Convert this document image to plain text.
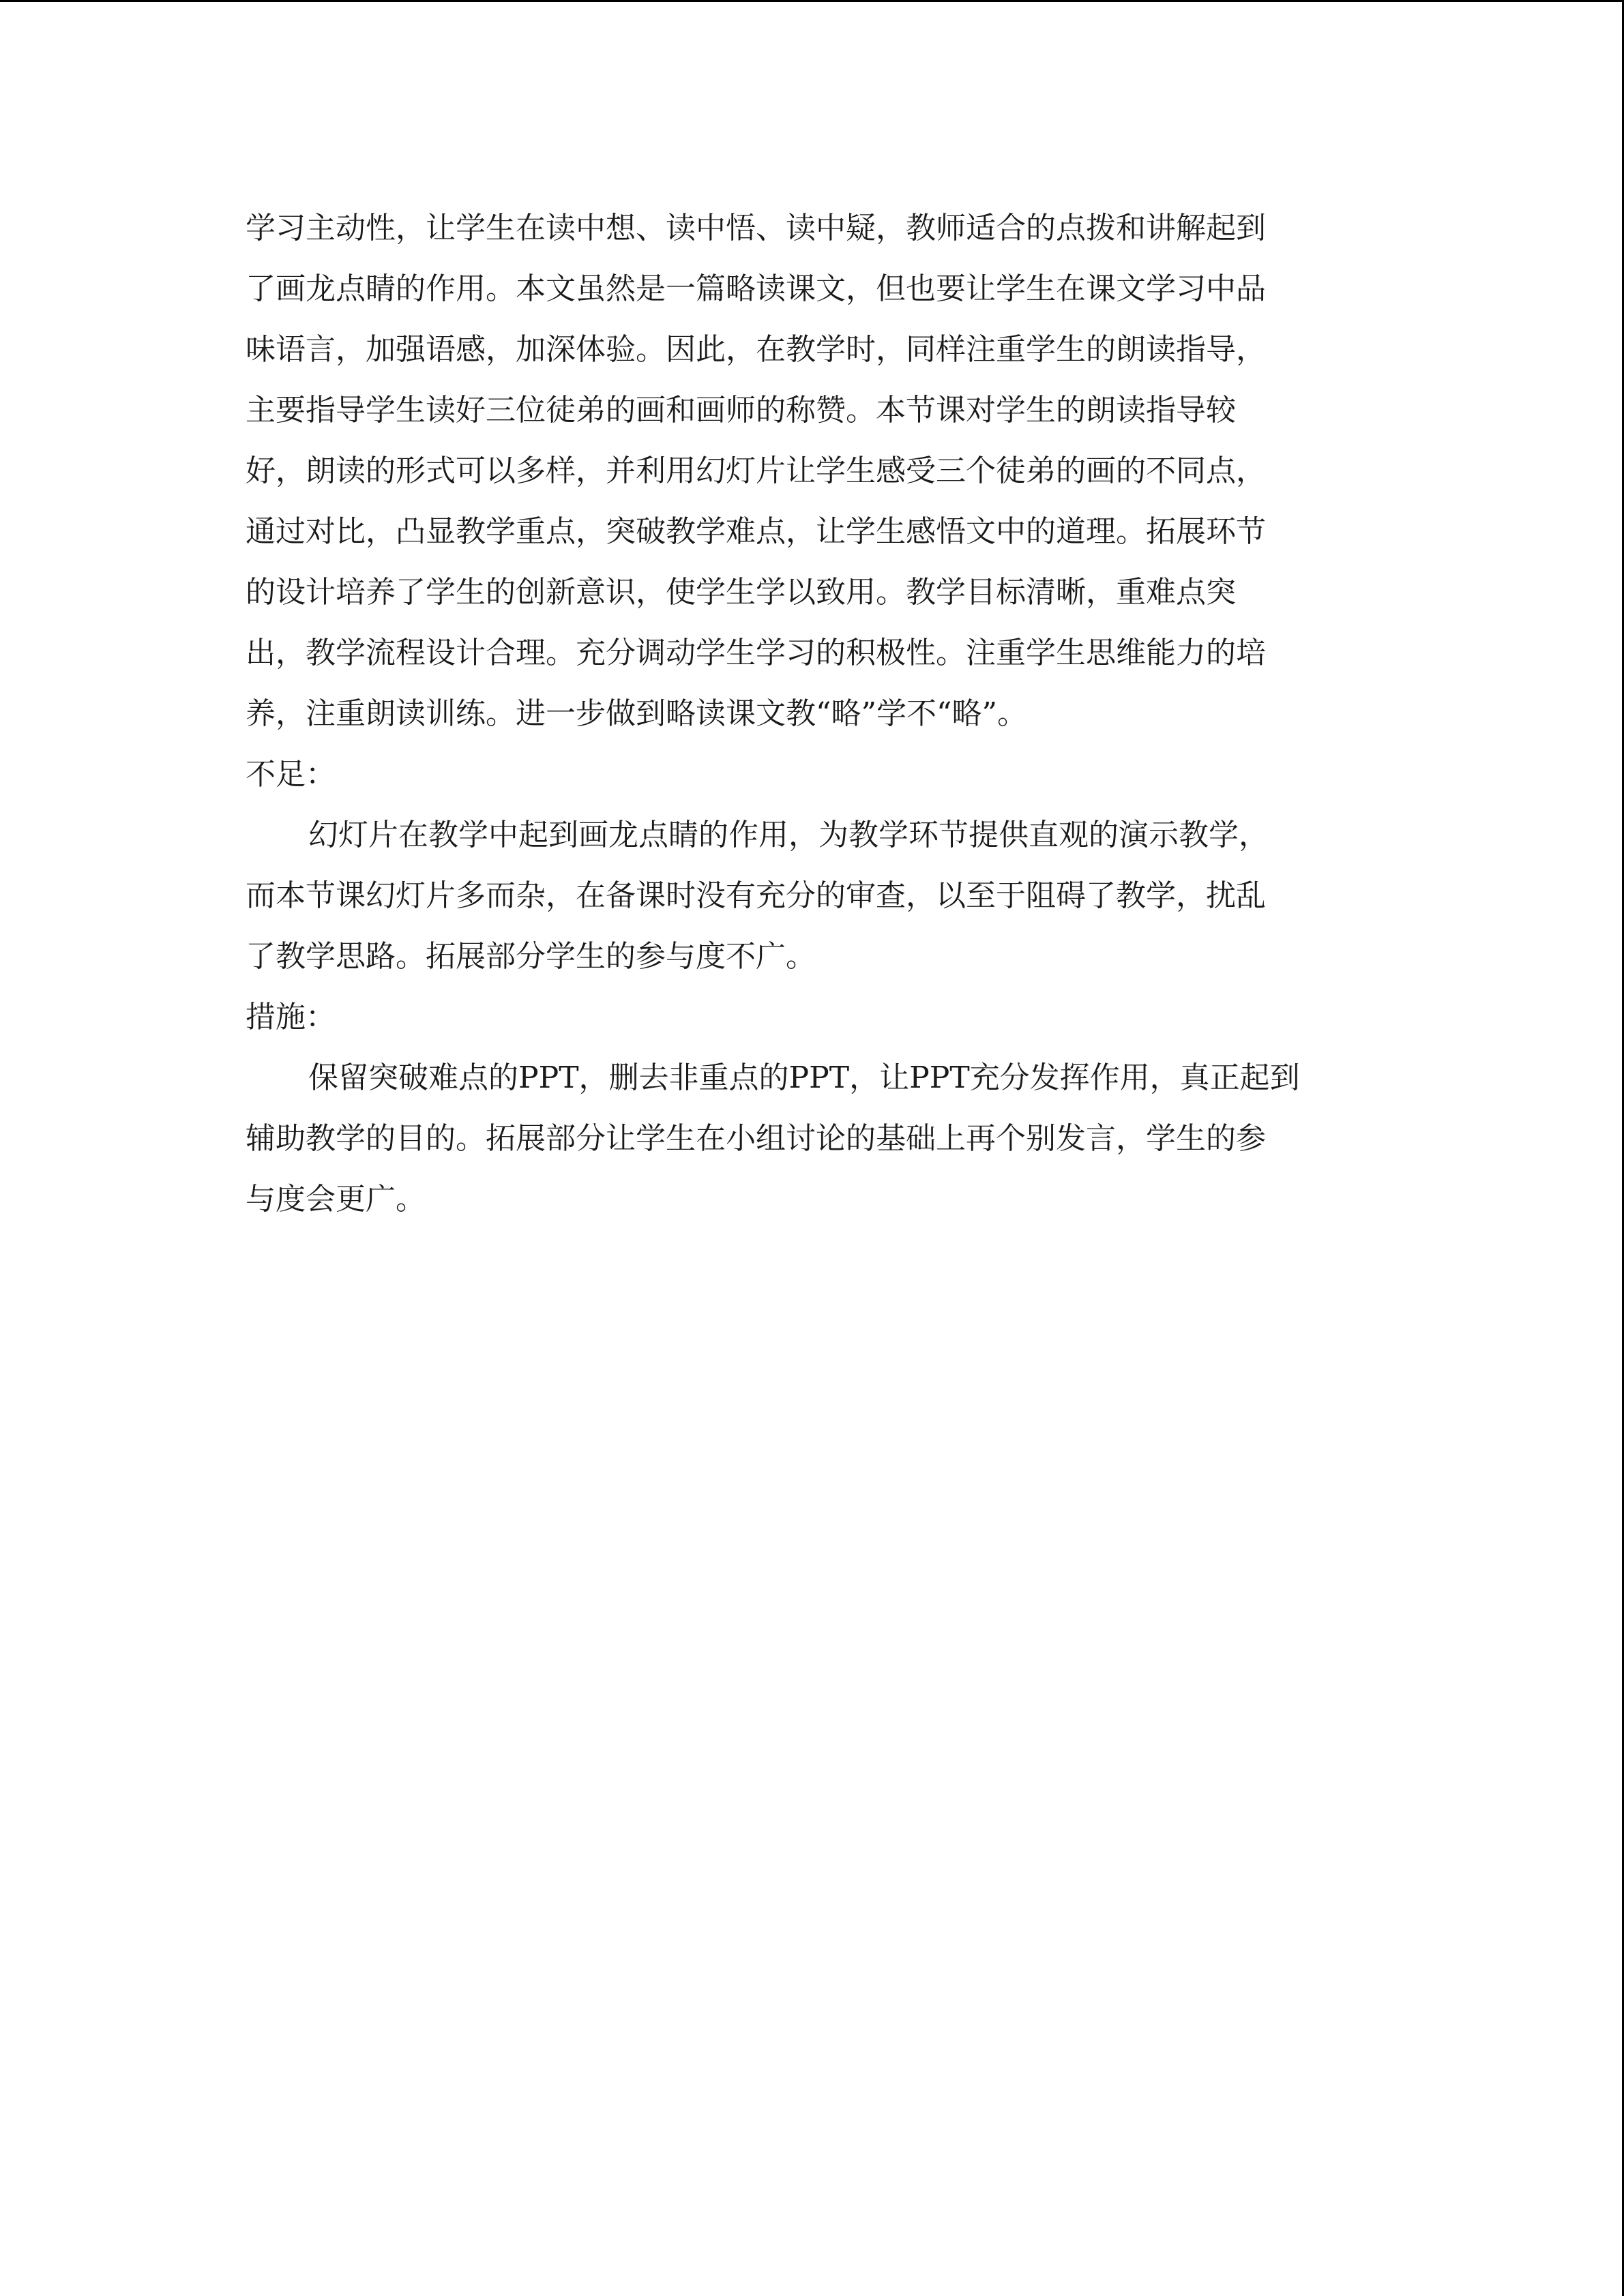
学习主动性，让学生在读中想、读中悟、读中疑，教师适合的点拨和讲解起到
了画龙点睛的作用。本文虽然是一篇略读课文，但也要让学生在课文学习中品
味语言，加强语感，加深体验。因此，在教学时，同样注重学生的朗读指导，
主要指导学生读好三位徒弟的画和画师的称赞。本节课对学生的朗读指导较
好，朗读的形式可以多样，并利用幻灯片让学生感受三个徒弟的画的不同点，
通过对比，凸显教学重点，突破教学难点，让学生感悟文中的道理。拓展环节
的设计培养了学生的创新意识，使学生学以致用。教学目标清晰，重难点突
出，教学流程设计合理。充分调动学生学习的积极性。注重学生思维能力的培
养，注重朗读训练。进一步做到略读课文教“略”学不“略”。
不足：
幻灯片在教学中起到画龙点睛的作用，为教学环节提供直观的演示教学，
而本节课幻灯片多而杂，在备课时没有充分的审查，以至于阻碍了教学，扰乱
了教学思路。拓展部分学生的参与度不广。
措施：
保留突破难点的PPT，删去非重点的PPT，让PPT充分发挥作用，真正起到
辅助教学的目的。拓展部分让学生在小组讨论的基础上再个别发言，学生的参
与度会更广。
